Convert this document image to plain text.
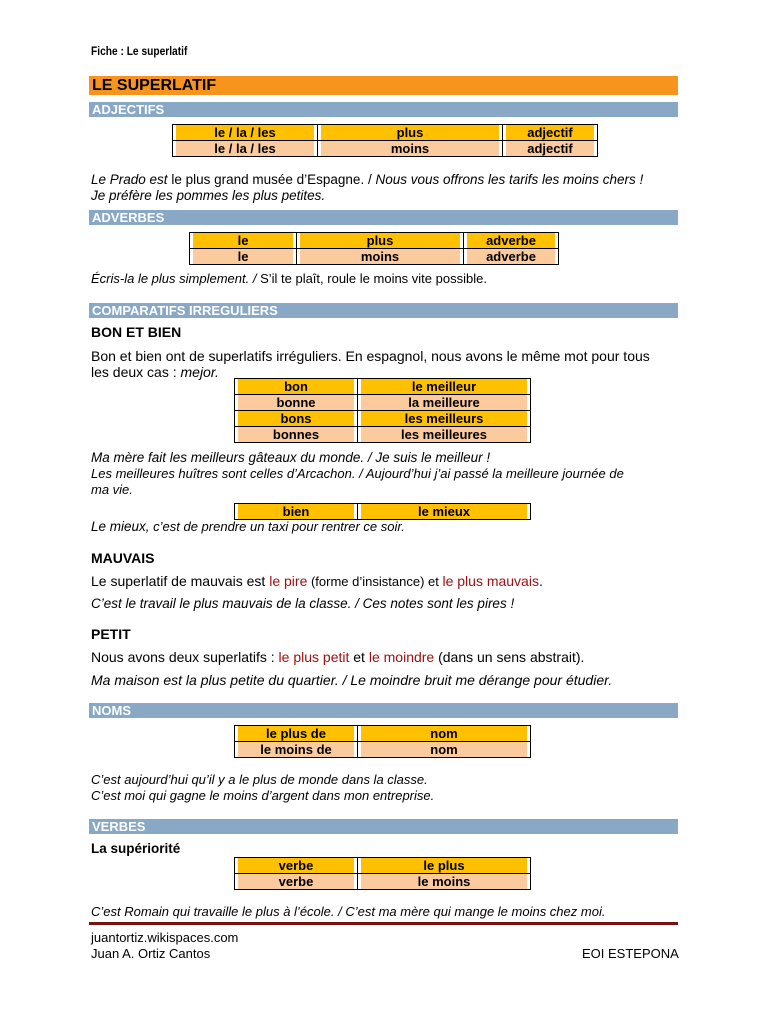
Fiche : Le superlatif
LE SUPERLATIF
ADJECTIFS
le / la / les	plus	adjectif

le / la / les	moins	adjectif
Le Prado est le plus grand musée d’Espagne. / Nous vous offrons les tarifs les moins chers !
Je préfère les pommes les plus petites.
ADVERBES
le	plus	adverbe

le	moins	adverbe
Écris-la le plus simplement. / S’il te plaît, roule le moins vite possible.
COMPARATIFS IRREGULIERS
BON ET BIEN
Bon et bien ont de superlatifs irréguliers. En espagnol, nous avons le même mot pour tous
les deux cas : mejor.
bon	le meilleur

bonne	la meilleure

bons	les meilleurs

bonnes	les meilleures
Ma mère fait les meilleurs gâteaux du monde. / Je suis le meilleur !
Les meilleures huîtres sont celles d’Arcachon. / Aujourd’hui j’ai passé la meilleure journée de
ma vie.
bien	le mieux
Le mieux, c’est de prendre un taxi pour rentrer ce soir.
MAUVAIS
Le superlatif de mauvais est le pire (forme d’insistance) et le plus mauvais.
C’est le travail le plus mauvais de la classe. / Ces notes sont les pires !
PETIT
Nous avons deux superlatifs : le plus petit et le moindre (dans un sens abstrait).
Ma maison est la plus petite du quartier. / Le moindre bruit me dérange pour étudier.
NOMS
le plus de	nom

le moins de	nom
C’est aujourd’hui qu’il y a le plus de monde dans la classe.
C’est moi qui gagne le moins d’argent dans mon entreprise.
VERBES
La supériorité
verbe	le plus

verbe	le moins
C’est Romain qui travaille le plus à l’école. / C’est ma mère qui mange le moins chez moi.
juantortiz.wikispaces.com
Juan A. Ortiz Cantos	EOI ESTEPONA
